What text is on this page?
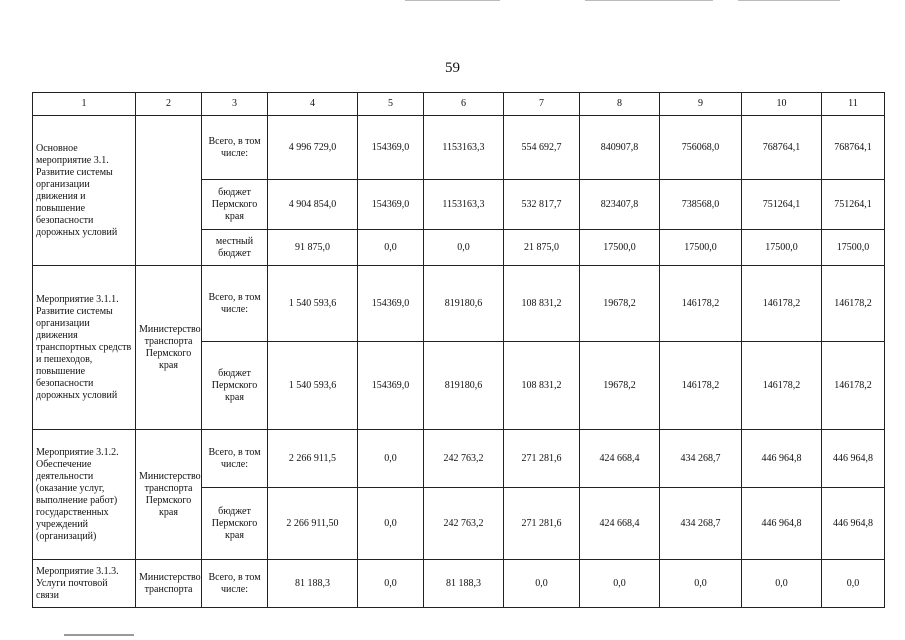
59
1	2	3	4	5	6	7	8	9	10	11
Основное мероприятие 3.1. Развитие системы организации движения и повышение безопасности дорожных условий		Всего, в том числе:	4 996 729,0	154369,0	1153163,3	554 692,7	840907,8	756068,0	768764,1	768764,1
		бюджет Пермского края	4 904 854,0	154369,0	1153163,3	532 817,7	823407,8	738568,0	751264,1	751264,1
		местный бюджет	91 875,0	0,0	0,0	21 875,0	17500,0	17500,0	17500,0	17500,0
Мероприятие 3.1.1. Развитие системы организации движения транспортных средств и пешеходов, повышение безопасности дорожных условий	Министерство транспорта Пермского края	Всего, в том числе:	1 540 593,6	154369,0	819180,6	108 831,2	19678,2	146178,2	146178,2	146178,2
		бюджет Пермского края	1 540 593,6	154369,0	819180,6	108 831,2	19678,2	146178,2	146178,2	146178,2
Мероприятие 3.1.2. Обеспечение деятельности (оказание услуг, выполнение работ) государственных учреждений (организаций)	Министерство транспорта Пермского края	Всего, в том числе:	2 266 911,5	0,0	242 763,2	271 281,6	424 668,4	434 268,7	446 964,8	446 964,8
		бюджет Пермского края	2 266 911,50	0,0	242 763,2	271 281,6	424 668,4	434 268,7	446 964,8	446 964,8
Мероприятие 3.1.3. Услуги почтовой связи	Министерство транспорта	Всего, в том числе:	81 188,3	0,0	81 188,3	0,0	0,0	0,0	0,0	0,0
